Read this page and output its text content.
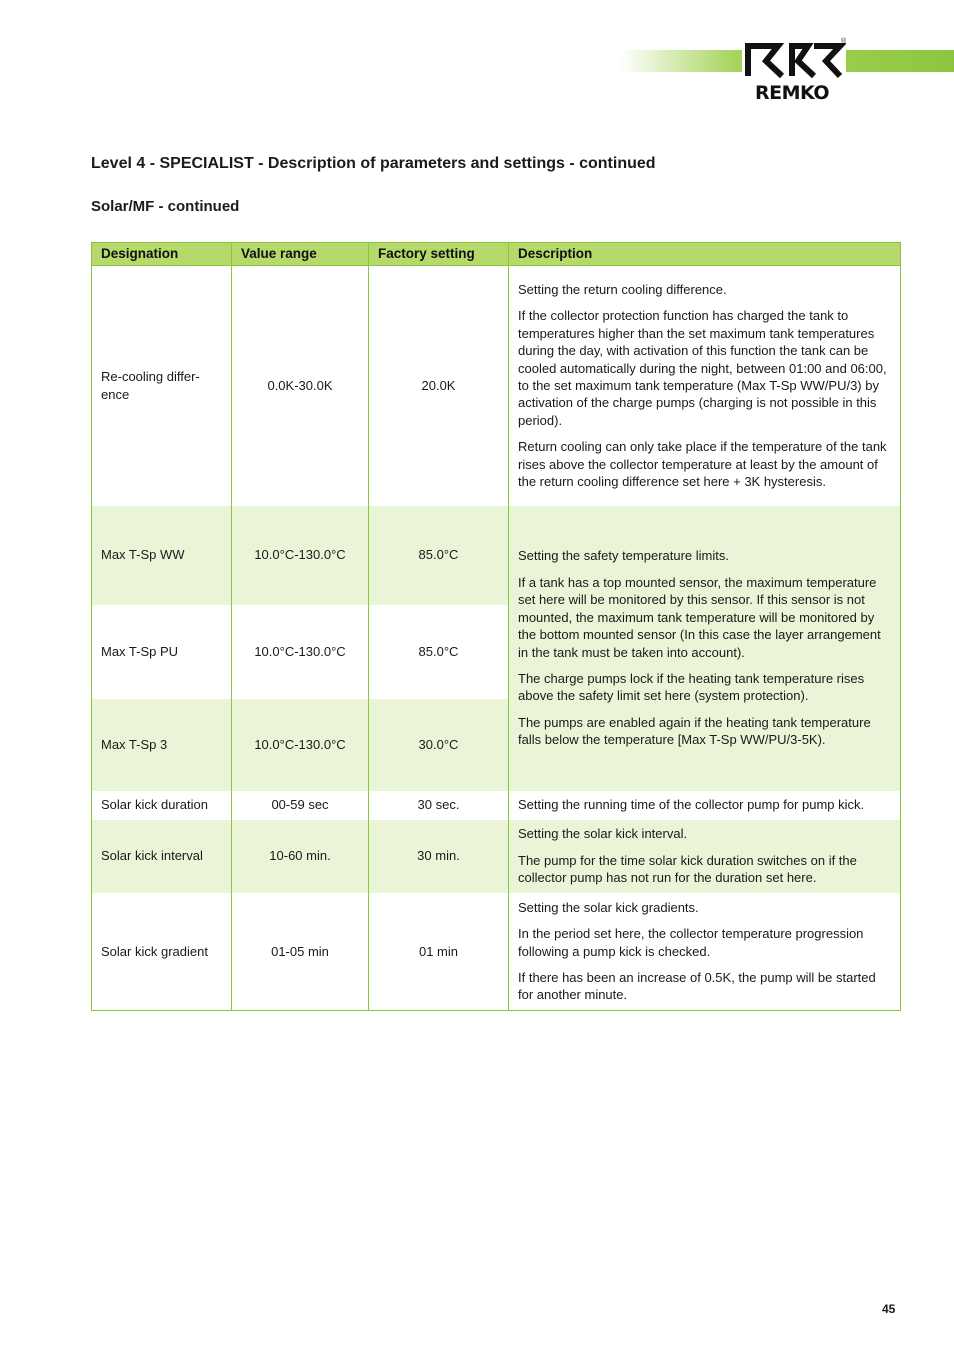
REMKO
®
Level 4 - SPECIALIST - Description of parameters and settings - continued
Solar/MF - continued
Designation	Value range	Factory setting	Description
Re-cooling differ- ence	0.0K-30.0K	20.0K	Setting the return cooling difference.

If the collector protection function has charged the tank to temperatures higher than the set maximum tank temperatures during the day, with activation of this function the tank can be cooled automatically during the night, between 01:00 and 06:00, to the set maximum tank temperature (Max T-Sp WW/PU/3) by activation of the charge pumps (charging is not possible in this period).

Return cooling can only take place if the temperature of the tank rises above the collector temperature at least by the amount of the return cooling difference set here + 3K hysteresis.

Max T-Sp WW	10.0°C-130.0°C	85.0°C	Setting the safety temperature limits.

If a tank has a top mounted sensor, the maximum temperature set here will be monitored by this sensor. If this sensor is not mounted, the maximum tank temperature will be monitored by the bottom mounted sensor (In this case the layer arrangement in the tank must be taken into account).

The charge pumps lock if the heating tank temperature rises above the safety limit set here (system protection).

The pumps are enabled again if the heating tank temperature falls below the temperature [Max T-Sp WW/PU/3-5K).

Max T-Sp PU	10.0°C-130.0°C	85.0°C	
Max T-Sp 3	10.0°C-130.0°C	30.0°C	
Solar kick duration	00-59 sec	30 sec.	Setting the running time of the collector pump for pump kick.

Solar kick interval	10-60 min.	30 min.	Setting the solar kick interval.

The pump for the time solar kick duration switches on if the collector pump has not run for the duration set here.

Solar kick gradient	01-05 min	01 min	Setting the solar kick gradients.

In the period set here, the collector temperature progression following a pump kick is checked.

If there has been an increase of 0.5K, the pump will be started for another minute.

45
